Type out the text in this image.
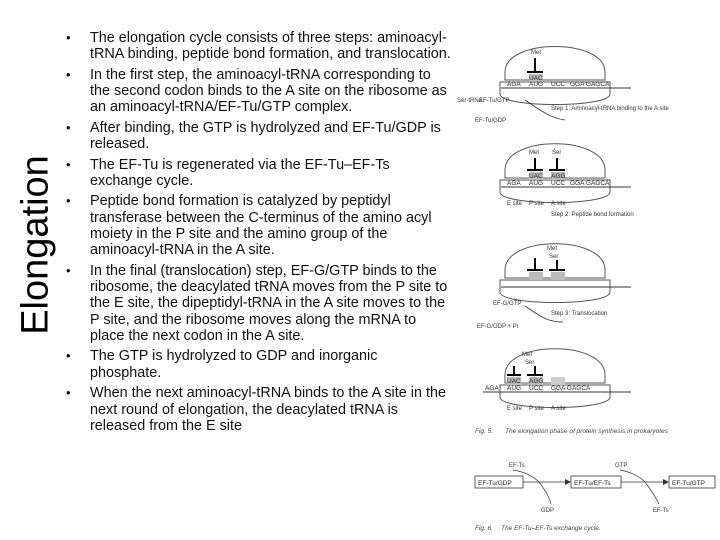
Elongation
• The elongation cycle consists of three steps: aminoacyl-tRNA binding, peptide bond formation, and translocation.
• In the first step, the aminoacyl-tRNA corresponding to the second codon binds to the A site on the ribosome as an aminoacyl-tRNA/EF-Tu/GTP complex.
• After binding, the GTP is hydrolyzed and EF-Tu/GDP is released.
• The EF-Tu is regenerated via the EF-Tu–EF-Ts exchange cycle.
• Peptide bond formation is catalyzed by peptidyl transferase between the C-terminus of the amino acyl moiety in the P site and the amino group of the aminoacyl-tRNA in the A site.
• In the final (translocation) step, EF-G/GTP binds to the ribosome, the deacylated tRNA moves from the P site to the E site, the dipeptidyl-tRNA in the A site moves to the P site, and the ribosome moves along the mRNA to place the next codon in the A site.
• The GTP is hydrolyzed to GDP and inorganic phosphate.
• When the next aminoacyl-tRNA binds to the A site in the next round of elongation, the deacylated tRNA is released from the E site
Met
UAC
AGA AUG UCC GGA GAGCA
Ser-tRNA
EF-Tu/GTP
EF-Tu/GDP
Step 1: Aminoacyl-tRNA binding to the A site
Met Ser
UAC AGG
AGA AUG UCC GGA GAGCA
E site P site A site
Step 2: Peptide bond formation
Met
Ser
EF-G/GTP
EF-G/GDP + Pi
Step 3: Translocation
Met
Ser
UAC AGG
AGA AUG UCC GGA GAGCA
E site P site A site
Fig. 5. The elongation phase of protein synthesis in prokaryotes
EF-Ts	GTP
EF-Tu/GDP	EF-Tu/EF-Ts	EF-Tu/GTP
GDP	EF-Ts
Fig. 6. The EF-Tu–EF-Ts exchange cycle.
